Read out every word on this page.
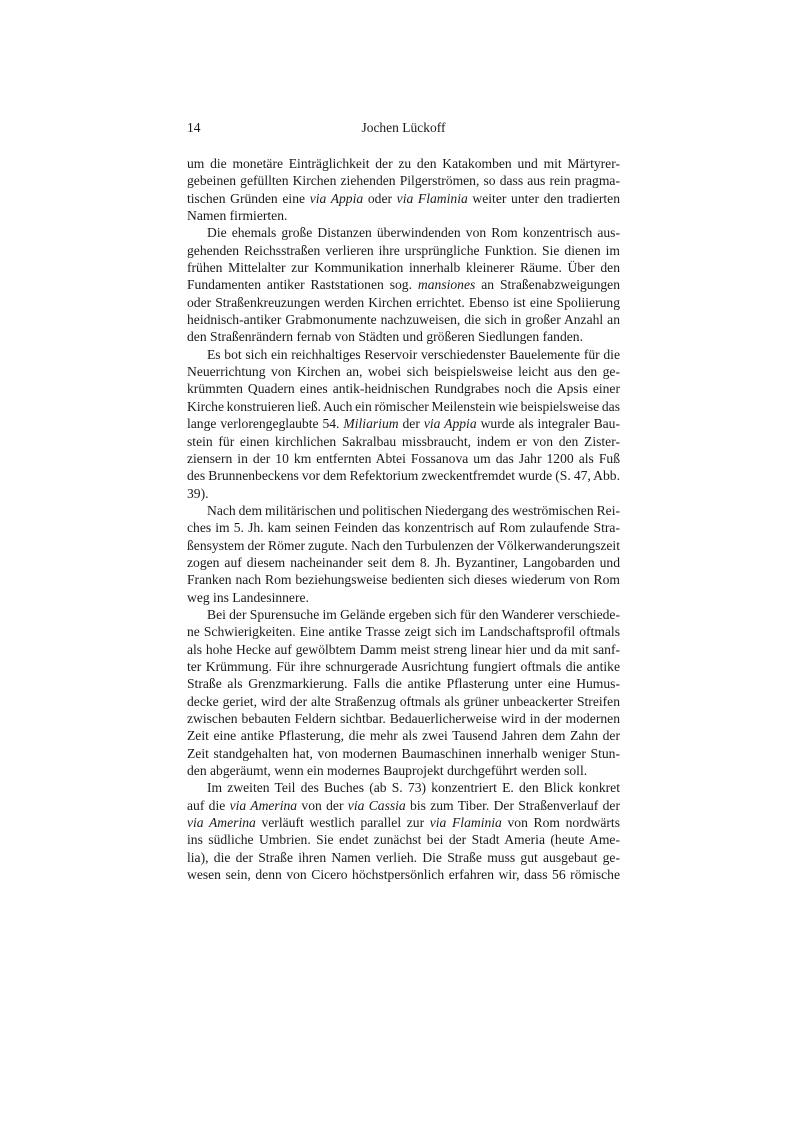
14	Jochen Lückoff
um die monetäre Einträglichkeit der zu den Katakomben und mit Märtyrer-
gebeinen gefüllten Kirchen ziehenden Pilgerströmen, so dass aus rein pragma-
tischen Gründen eine via Appia oder via Flaminia weiter unter den tradierten
Namen firmierten.
Die ehemals große Distanzen überwindenden von Rom konzentrisch aus-
gehenden Reichsstraßen verlieren ihre ursprüngliche Funktion. Sie dienen im
frühen Mittelalter zur Kommunikation innerhalb kleinerer Räume. Über den
Fundamenten antiker Raststationen sog. mansiones an Straßenabzweigungen
oder Straßenkreuzungen werden Kirchen errichtet. Ebenso ist eine Spoliierung
heidnisch-antiker Grabmonumente nachzuweisen, die sich in großer Anzahl an
den Straßenrändern fernab von Städten und größeren Siedlungen fanden.
Es bot sich ein reichhaltiges Reservoir verschiedenster Bauelemente für die
Neuerrichtung von Kirchen an, wobei sich beispielsweise leicht aus den ge-
krümmten Quadern eines antik-heidnischen Rundgrabes noch die Apsis einer
Kirche konstruieren ließ. Auch ein römischer Meilenstein wie beispielsweise das
lange verlorengeglaubte 54. Miliarium der via Appia wurde als integraler Bau-
stein für einen kirchlichen Sakralbau missbraucht, indem er von den Zister-
ziensern in der 10 km entfernten Abtei Fossanova um das Jahr 1200 als Fuß
des Brunnenbeckens vor dem Refektorium zweckentfremdet wurde (S. 47, Abb.
39).
Nach dem militärischen und politischen Niedergang des weströmischen Rei-
ches im 5. Jh. kam seinen Feinden das konzentrisch auf Rom zulaufende Stra-
ßensystem der Römer zugute. Nach den Turbulenzen der Völkerwanderungszeit
zogen auf diesem nacheinander seit dem 8. Jh. Byzantiner, Langobarden und
Franken nach Rom beziehungsweise bedienten sich dieses wiederum von Rom
weg ins Landesinnere.
Bei der Spurensuche im Gelände ergeben sich für den Wanderer verschiede-
ne Schwierigkeiten. Eine antike Trasse zeigt sich im Landschaftsprofil oftmals
als hohe Hecke auf gewölbtem Damm meist streng linear hier und da mit sanf-
ter Krümmung. Für ihre schnurgerade Ausrichtung fungiert oftmals die antike
Straße als Grenzmarkierung. Falls die antike Pflasterung unter eine Humus-
decke geriet, wird der alte Straßenzug oftmals als grüner unbeackerter Streifen
zwischen bebauten Feldern sichtbar. Bedauerlicherweise wird in der modernen
Zeit eine antike Pflasterung, die mehr als zwei Tausend Jahren dem Zahn der
Zeit standgehalten hat, von modernen Baumaschinen innerhalb weniger Stun-
den abgeräumt, wenn ein modernes Bauprojekt durchgeführt werden soll.
Im zweiten Teil des Buches (ab S. 73) konzentriert E. den Blick konkret
auf die via Amerina von der via Cassia bis zum Tiber. Der Straßenverlauf der
via Amerina verläuft westlich parallel zur via Flaminia von Rom nordwärts
ins südliche Umbrien. Sie endet zunächst bei der Stadt Ameria (heute Ame-
lia), die der Straße ihren Namen verlieh. Die Straße muss gut ausgebaut ge-
wesen sein, denn von Cicero höchstpersönlich erfahren wir, dass 56 römische
